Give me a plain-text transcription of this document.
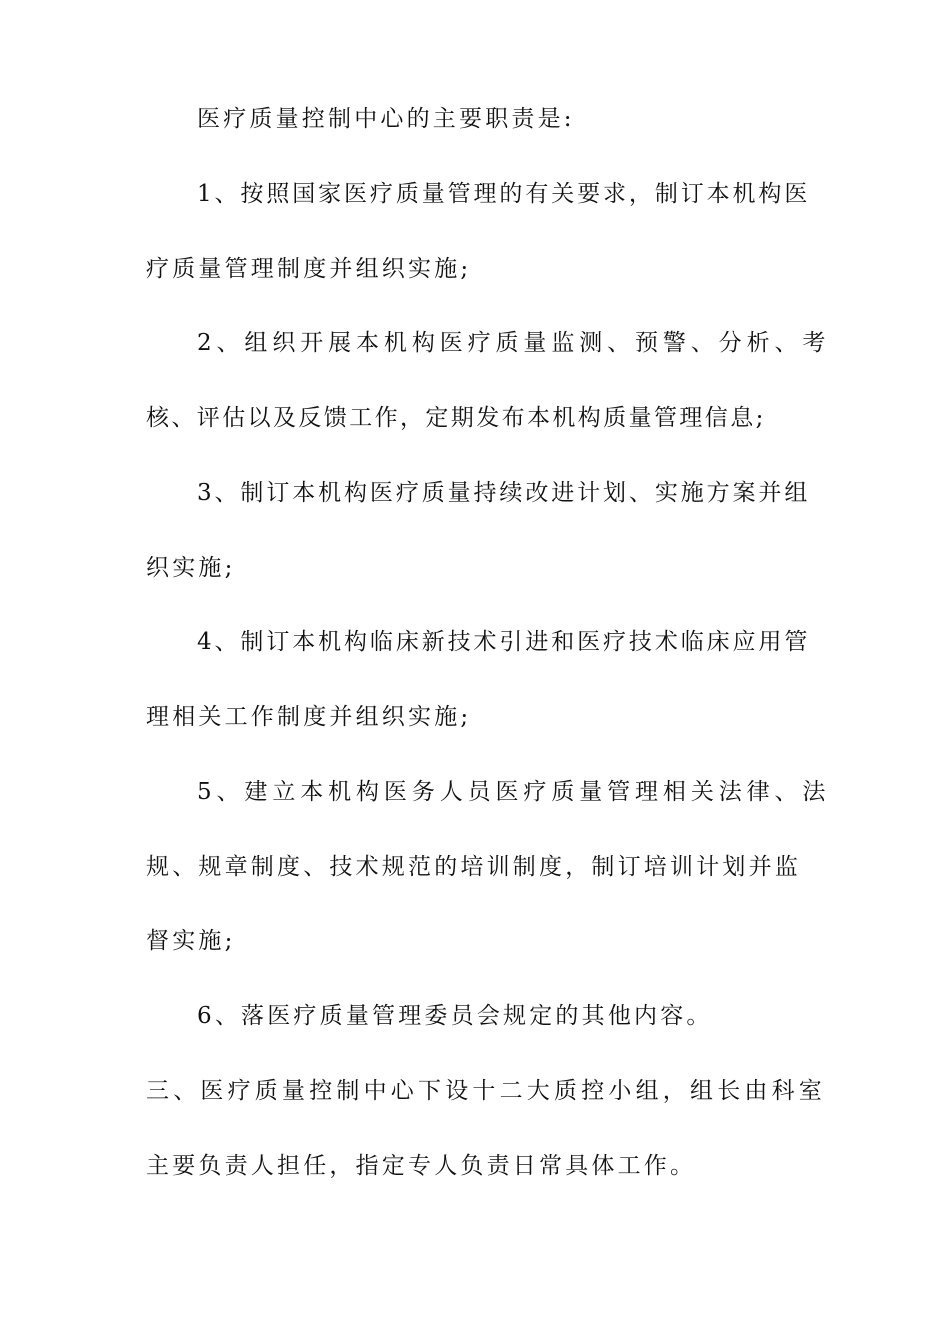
医疗质量控制中心的主要职责是:
1、按照国家医疗质量管理的有关要求，制订本机构医
疗质量管理制度并组织实施;
2、组织开展本机构医疗质量监测、预警、分析、考
核、评估以及反馈工作，定期发布本机构质量管理信息;
3、制订本机构医疗质量持续改进计划、实施方案并组
织实施;
4、制订本机构临床新技术引进和医疗技术临床应用管
理相关工作制度并组织实施;
5、建立本机构医务人员医疗质量管理相关法律、法
规、规章制度、技术规范的培训制度，制订培训计划并监
督实施;
6、落医疗质量管理委员会规定的其他内容。
三、医疗质量控制中心下设十二大质控小组，组长由科室
主要负责人担任，指定专人负责日常具体工作。
